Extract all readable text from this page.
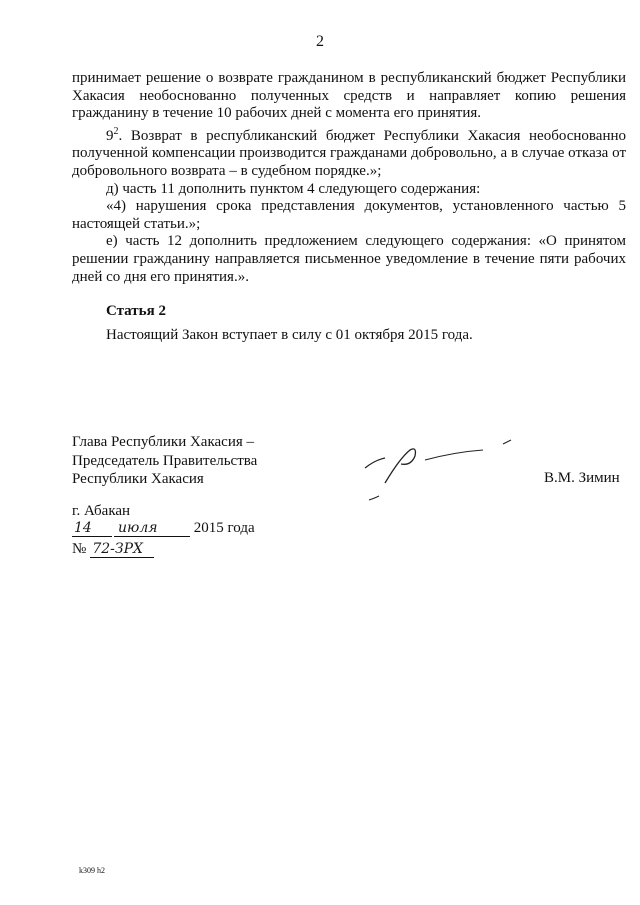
2

принимает решение о возврате гражданином в республиканский бюджет Республики Хакасия необоснованно полученных средств и направляет копию решения гражданину в течение 10 рабочих дней с момента его принятия.

$9^2$. Возврат в республиканский бюджет Республики Хакасия необоснованно полученной компенсации производится гражданами добровольно, а в случае отказа от добровольного возврата – в судебном порядке.»;

д) часть 11 дополнить пунктом 4 следующего содержания:

«4) нарушения срока представления документов, установленного частью 5 настоящей статьи.»;

е) часть 12 дополнить предложением следующего содержания: «О принятом решении гражданину направляется письменное уведомление в течение пяти рабочих дней со дня его принятия.».

Статья 2

Настоящий Закон вступает в силу с 01 октября 2015 года.

Глава Республики Хакасия –
Председатель Правительства
Республики Хакасия	В.М. Зимин
г. Абакан
14 июля 2015 года
№ 72-ЗРХ
k309 h2
